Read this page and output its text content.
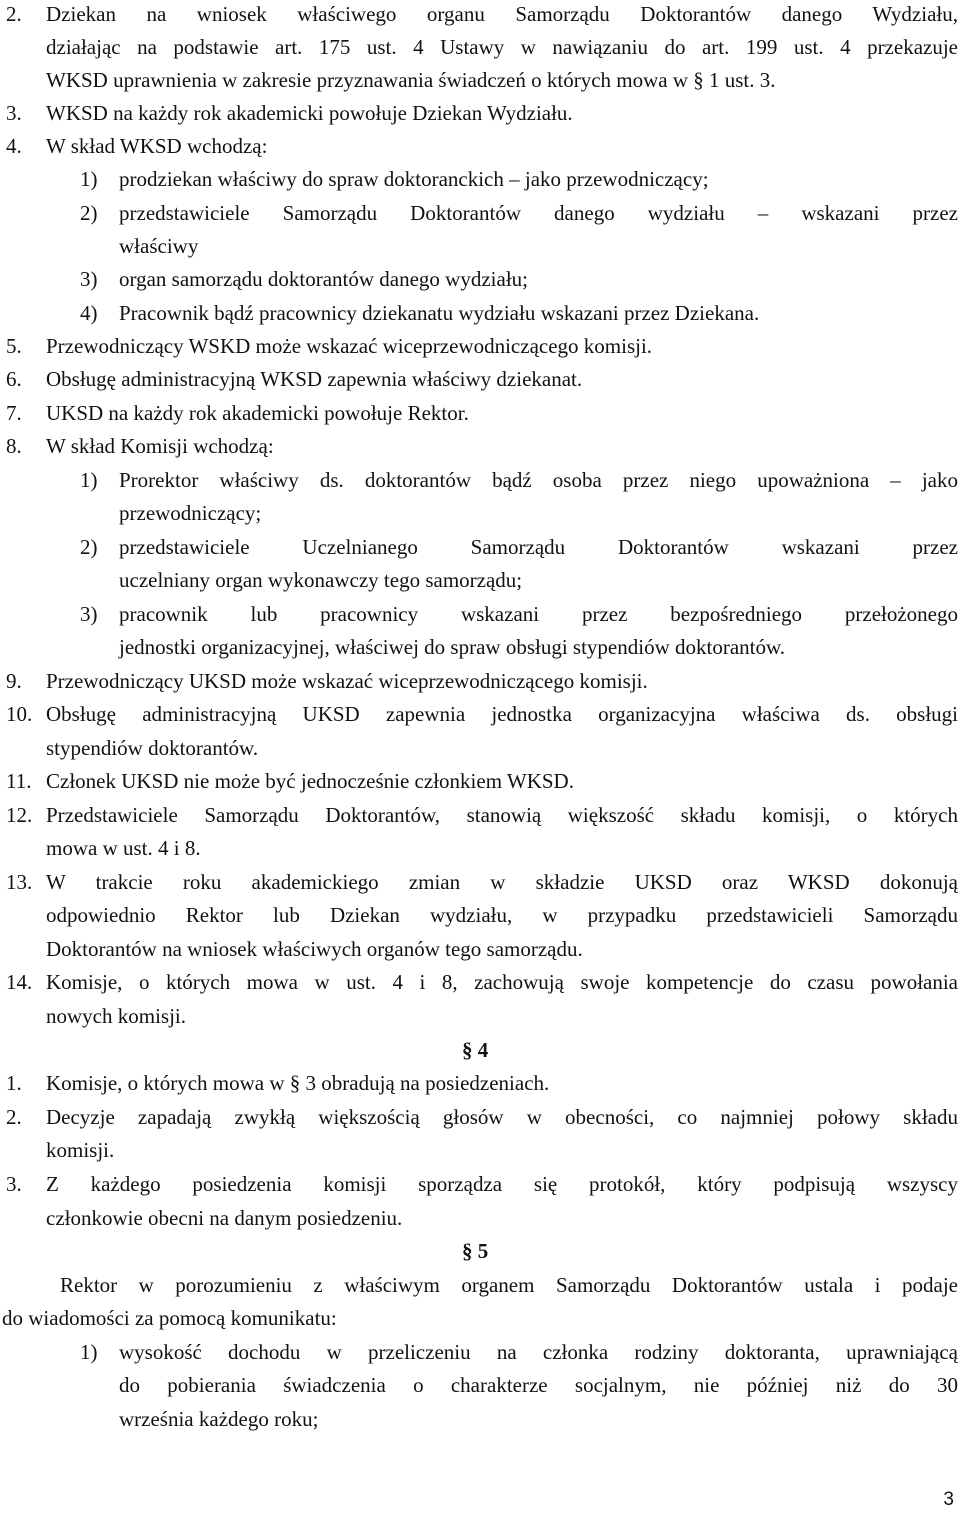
2. Dziekan na wniosek właściwego organu Samorządu Doktorantów danego Wydziału,
działając na podstawie art. 175 ust. 4 Ustawy w nawiązaniu do art. 199 ust. 4 przekazuje
WKSD uprawnienia w zakresie przyznawania świadczeń o których mowa w § 1 ust. 3.
3. WKSD na każdy rok akademicki powołuje Dziekan Wydziału.
4. W skład WKSD wchodzą:
1) prodziekan właściwy do spraw doktoranckich – jako przewodniczący;
2) przedstawiciele Samorządu Doktorantów danego wydziału – wskazani przez
właściwy
3) organ samorządu doktorantów danego wydziału;
4) Pracownik bądź pracownicy dziekanatu wydziału wskazani przez Dziekana.
5. Przewodniczący WSKD może wskazać wiceprzewodniczącego komisji.
6. Obsługę administracyjną WKSD zapewnia właściwy dziekanat.
7. UKSD na każdy rok akademicki powołuje Rektor.
8. W skład Komisji wchodzą:
1) Prorektor właściwy ds. doktorantów bądź osoba przez niego upoważniona – jako
przewodniczący;
2) przedstawiciele Uczelnianego Samorządu Doktorantów wskazani przez
uczelniany organ wykonawczy tego samorządu;
3) pracownik lub pracownicy wskazani przez bezpośredniego przełożonego
jednostki organizacyjnej, właściwej do spraw obsługi stypendiów doktorantów.
9. Przewodniczący UKSD może wskazać wiceprzewodniczącego komisji.
10. Obsługę administracyjną UKSD zapewnia jednostka organizacyjna właściwa ds. obsługi
stypendiów doktorantów.
11. Członek UKSD nie może być jednocześnie członkiem WKSD.
12. Przedstawiciele Samorządu Doktorantów, stanowią większość składu komisji, o których
mowa w ust. 4 i 8.
13. W trakcie roku akademickiego zmian w składzie UKSD oraz WKSD dokonują
odpowiednio Rektor lub Dziekan wydziału, w przypadku przedstawicieli Samorządu
Doktorantów na wniosek właściwych organów tego samorządu.
14. Komisje, o których mowa w ust. 4 i 8, zachowują swoje kompetencje do czasu powołania
nowych komisji.
§ 4
1. Komisje, o których mowa w § 3 obradują na posiedzeniach.
2. Decyzje zapadają zwykłą większością głosów w obecności, co najmniej połowy składu
komisji.
3. Z każdego posiedzenia komisji sporządza się protokół, który podpisują wszyscy
członkowie obecni na danym posiedzeniu.
§ 5
Rektor w porozumieniu z właściwym organem Samorządu Doktorantów ustala i podaje
do wiadomości za pomocą komunikatu:
1) wysokość dochodu w przeliczeniu na członka rodziny doktoranta, uprawniającą
do pobierania świadczenia o charakterze socjalnym, nie później niż do 30
września każdego roku;
3
